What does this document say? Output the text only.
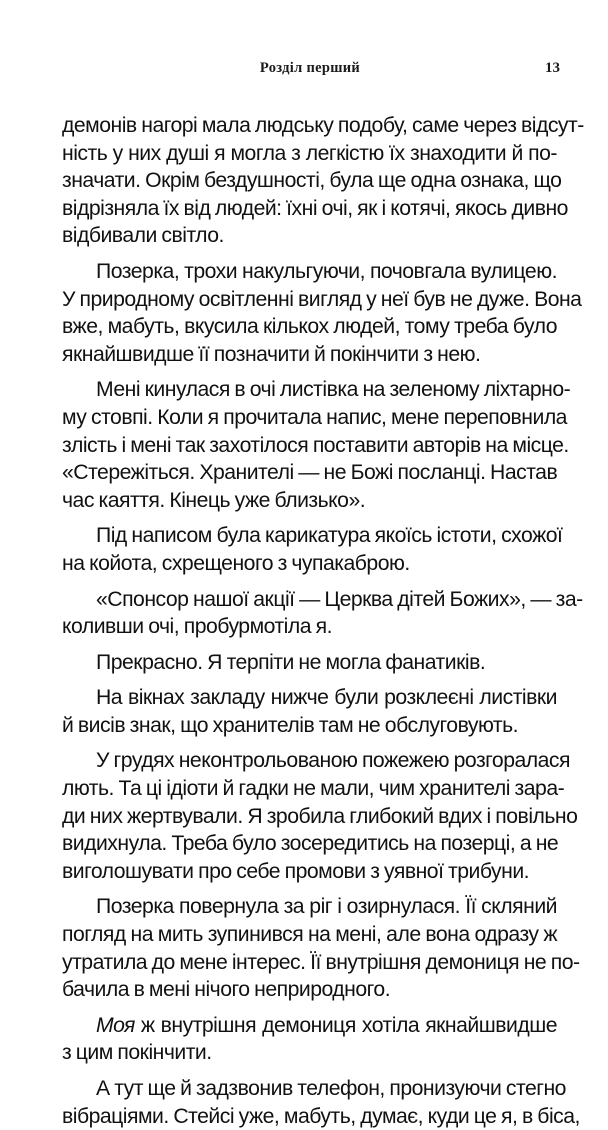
Розділ перший	13
демонів нагорі мала людську подобу, саме через відсут-
ність у них душі я могла з легкістю їх знаходити й по-
значати. Окрім бездушності, була ще одна ознака, що
відрізняла їх від людей: їхні очі, як і котячі, якось дивно
відбивали світло.
Позерка, трохи накульгуючи, почовгала вулицею.
У природному освітленні вигляд у неї був не дуже. Вона
вже, мабуть, вкусила кількох людей, тому треба було
якнайшвидше її позначити й покінчити з нею.
Мені кинулася в очі листівка на зеленому ліхтарно-
му стовпі. Коли я прочитала напис, мене переповнила
злість і мені так захотілося поставити авторів на місце.
«Стережіться. Хранителі — не Божі посланці. Настав
час каяття. Кінець уже близько».
Під написом була карикатура якоїсь істоти, схожої
на койота, схрещеного з чупакаброю.
«Спонсор нашої акції — Церква дітей Божих», — за-
коливши очі, пробурмотіла я.
Прекрасно. Я терпіти не могла фанатиків.
На вікнах закладу нижче були розклеєні листівки
й висів знак, що хранителів там не обслуговують.
У грудях неконтрольованою пожежею розгоралася
лють. Та ці ідіоти й гадки не мали, чим хранителі зара-
ди них жертвували. Я зробила глибокий вдих і повільно
видихнула. Треба було зосередитись на позерці, а не
виголошувати про себе промови з уявної трибуни.
Позерка повернула за ріг і озирнулася. Її скляний
погляд на мить зупинився на мені, але вона одразу ж
утратила до мене інтерес. Її внутрішня демониця не по-
бачила в мені нічого неприродного.
Моя ж внутрішня демониця хотіла якнайшвидше
з цим покінчити.
А тут ще й задзвонив телефон, пронизуючи стегно
вібраціями. Стейсі уже, мабуть, думає, куди це я, в біса,
